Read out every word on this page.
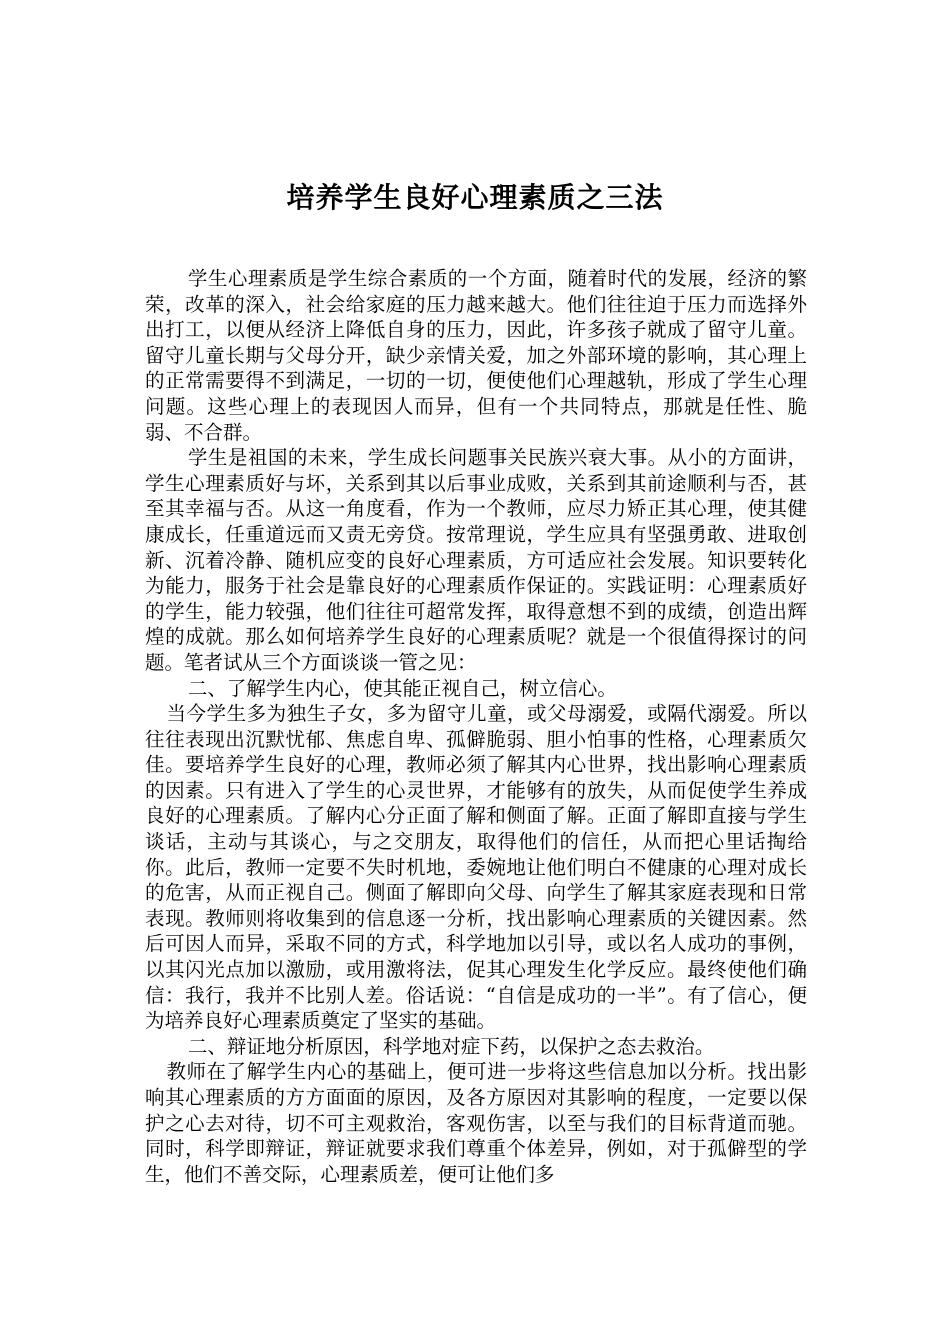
培养学生良好心理素质之三法

学生心理素质是学生综合素质的一个方面，随着时代的发展，经济的繁荣，改革的深入，社会给家庭的压力越来越大。他们往往迫于压力而选择外出打工，以便从经济上降低自身的压力，因此，许多孩子就成了留守儿童。留守儿童长期与父母分开，缺少亲情关爱，加之外部环境的影响，其心理上的正常需要得不到满足，一切的一切，便使他们心理越轨，形成了学生心理问题。这些心理上的表现因人而异，但有一个共同特点，那就是任性、脆弱、不合群。

学生是祖国的未来，学生成长问题事关民族兴衰大事。从小的方面讲，学生心理素质好与坏，关系到其以后事业成败，关系到其前途顺利与否，甚至其幸福与否。从这一角度看，作为一个教师，应尽力矫正其心理，使其健康成长，任重道远而又责无旁贷。按常理说，学生应具有坚强勇敢、进取创新、沉着冷静、随机应变的良好心理素质，方可适应社会发展。知识要转化为能力，服务于社会是靠良好的心理素质作保证的。实践证明：心理素质好的学生，能力较强，他们往往可超常发挥，取得意想不到的成绩，创造出辉煌的成就。那么如何培养学生良好的心理素质呢？就是一个很值得探讨的问题。笔者试从三个方面谈谈一管之见：

二、了解学生内心，使其能正视自己，树立信心。

当今学生多为独生子女，多为留守儿童，或父母溺爱，或隔代溺爱。所以往往表现出沉默忧郁、焦虑自卑、孤僻脆弱、胆小怕事的性格，心理素质欠佳。要培养学生良好的心理，教师必须了解其内心世界，找出影响心理素质的因素。只有进入了学生的心灵世界，才能够有的放失，从而促使学生养成良好的心理素质。了解内心分正面了解和侧面了解。正面了解即直接与学生谈话，主动与其谈心，与之交朋友，取得他们的信任，从而把心里话掏给你。此后，教师一定要不失时机地，委婉地让他们明白不健康的心理对成长的危害，从而正视自己。侧面了解即向父母、向学生了解其家庭表现和日常表现。教师则将收集到的信息逐一分析，找出影响心理素质的关键因素。然后可因人而异，采取不同的方式，科学地加以引导，或以名人成功的事例，以其闪光点加以激励，或用激将法，促其心理发生化学反应。最终使他们确信：我行，我并不比别人差。俗话说：“自信是成功的一半”。有了信心，便为培养良好心理素质奠定了坚实的基础。

二、辩证地分析原因，科学地对症下药，以保护之态去救治。

教师在了解学生内心的基础上，便可进一步将这些信息加以分析。找出影响其心理素质的方方面面的原因，及各方原因对其影响的程度，一定要以保护之心去对待，切不可主观救治，客观伤害，以至与我们的目标背道而驰。同时，科学即辩证，辩证就要求我们尊重个体差异，例如，对于孤僻型的学生，他们不善交际，心理素质差，便可让他们多
